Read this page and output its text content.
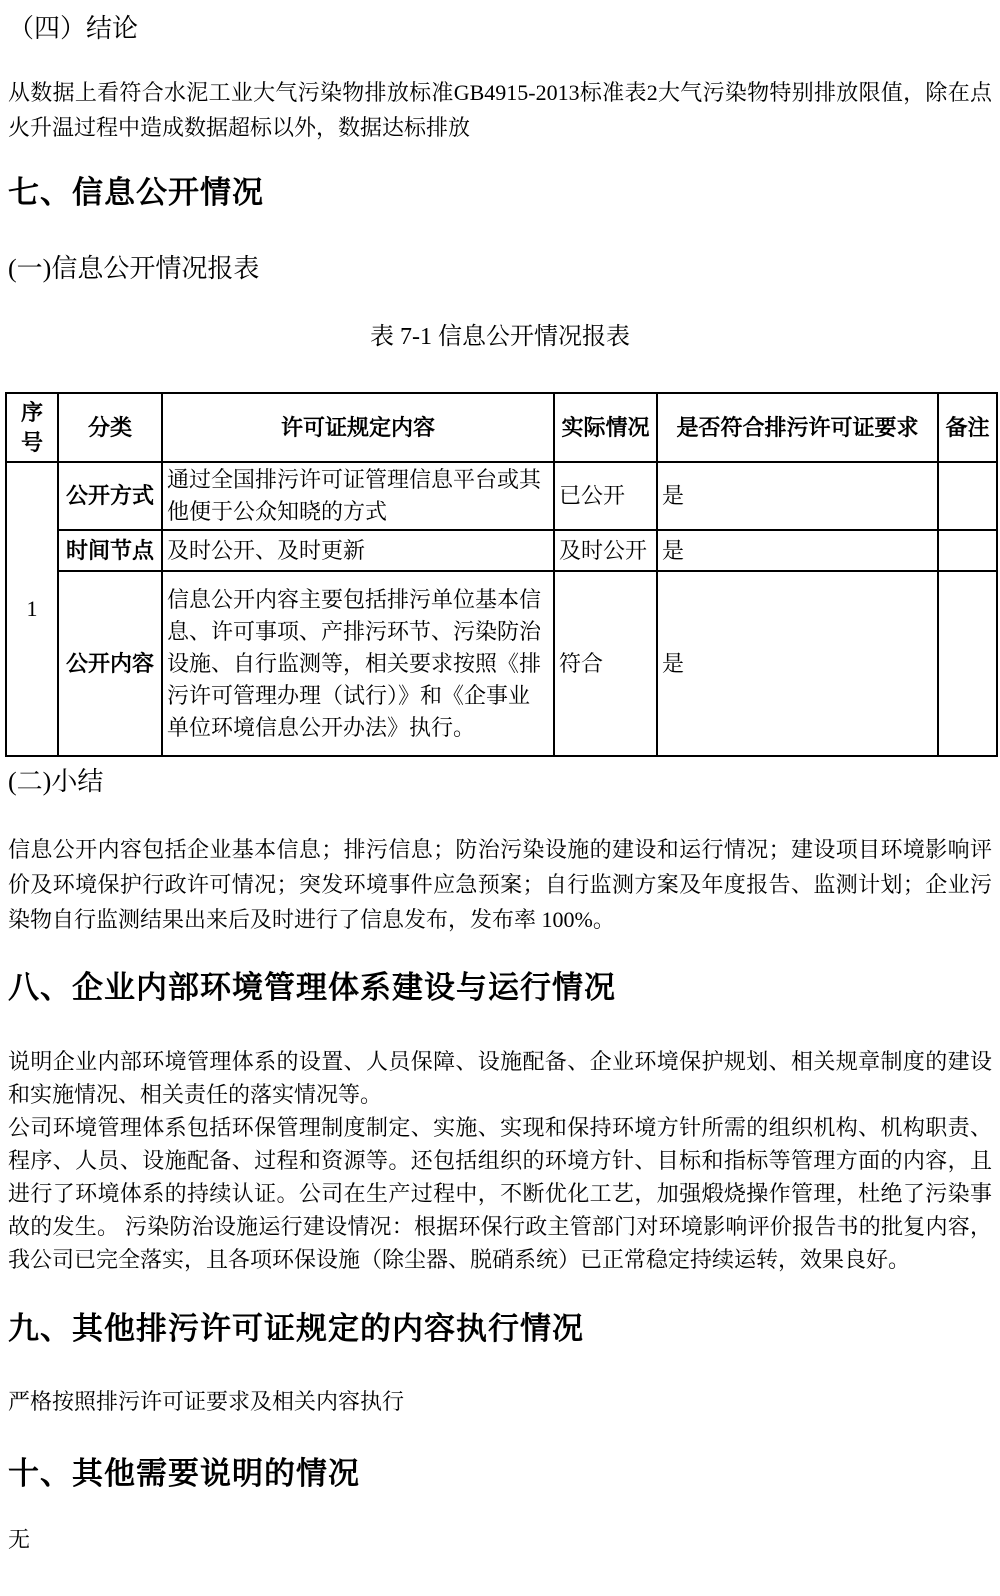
（四）结论

从数据上看符合水泥工业大气污染物排放标准GB4915-2013标准表2大气污染物特别排放限值，除在点火升温过程中造成数据超标以外，数据达标排放

七、信息公开情况
(一)信息公开情况报表
表 7-1 信息公开情况报表
序号	分类	许可证规定内容	实际情况	是否符合排污许可证要求	备注
1	公开方式	通过全国排污许可证管理信息平台或其他便于公众知晓的方式	已公开	是	
	时间节点	及时公开、及时更新	及时公开	是	
	公开内容	信息公开内容主要包括排污单位基本信息、许可事项、产排污环节、污染防治设施、自行监测等，相关要求按照《排污许可管理办理（试行）》和《企事业单位环境信息公开办法》执行。	符合	是	
(二)小结

信息公开内容包括企业基本信息；排污信息；防治污染设施的建设和运行情况；建设项目环境影响评价及环境保护行政许可情况；突发环境事件应急预案；自行监测方案及年度报告、监测计划；企业污染物自行监测结果出来后及时进行了信息发布，发布率 100%。

八、企业内部环境管理体系建设与运行情况

说明企业内部环境管理体系的设置、人员保障、设施配备、企业环境保护规划、相关规章制度的建设和实施情况、相关责任的落实情况等。

公司环境管理体系包括环保管理制度制定、实施、实现和保持环境方针所需的组织机构、机构职责、程序、人员、设施配备、过程和资源等。还包括组织的环境方针、目标和指标等管理方面的内容，且进行了环境体系的持续认证。公司在生产过程中，不断优化工艺，加强煅烧操作管理，杜绝了污染事故的发生。 污染防治设施运行建设情况：根据环保行政主管部门对环境影响评价报告书的批复内容，我公司已完全落实，且各项环保设施（除尘器、脱硝系统）已正常稳定持续运转，效果良好。

九、其他排污许可证规定的内容执行情况

严格按照排污许可证要求及相关内容执行

十、其他需要说明的情况

无
